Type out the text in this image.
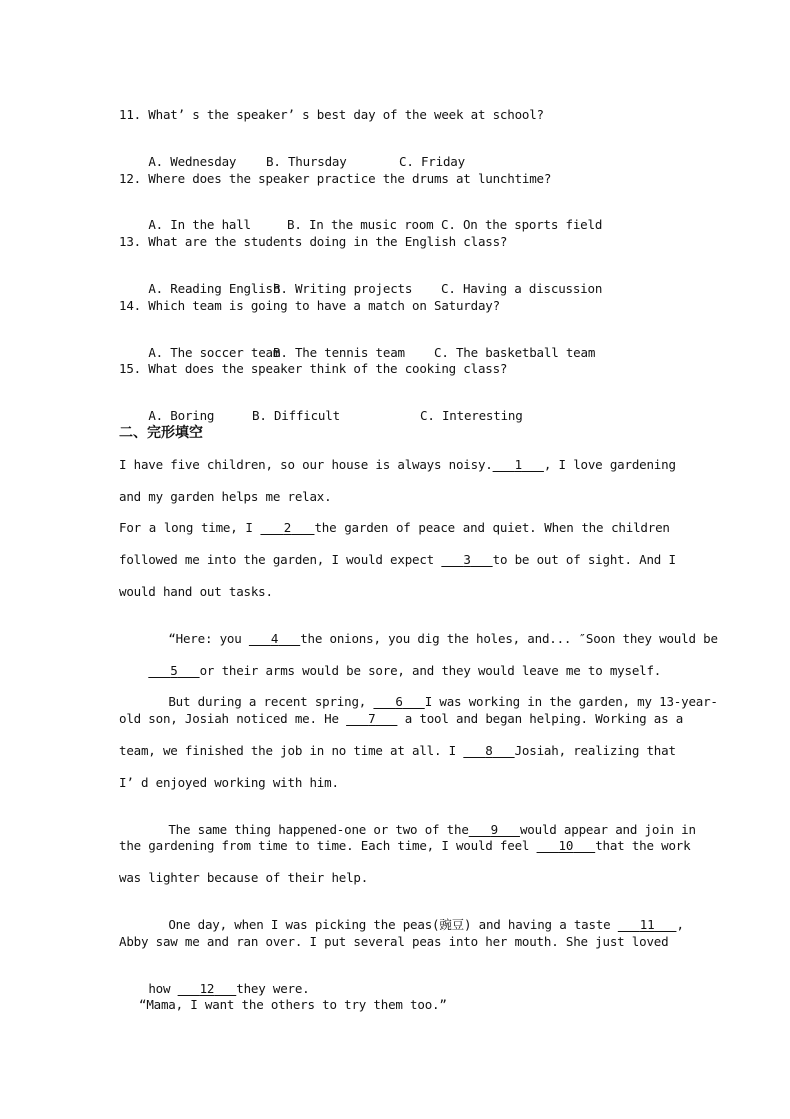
11. What’ s the speaker’ s best day of the week at school?

A. Wednesday B. Thursday	C. Friday

12. Where does the speaker practice the drums at lunchtime?

A. In the hall	B. In the music room C. On the sports field

13. What are the students doing in the English class?

A. Reading English
B. Writing projects C. Having a discussion

14. Which team is going to have a match on Saturday?

A. The soccer team
B. The tennis team C. The basketball team

15. What does the speaker think of the cooking class?

A. Boring	B. Difficult	C. Interesting

二、完形填空
I have five children, so our house is always noisy. 1 , I love gardening
and my garden helps me relax.
For a long time, I 2 the garden of peace and quiet. When the children
followed me into the garden, I would expect 3 to be out of sight. And I
would hand out tasks.

“Here: you 4 the onions, you dig the holes, and... ″Soon they would be

5 or their arms would be sore, and they would leave me to myself.

But during a recent spring, 6 I was working in the garden, my 13-year-

old son, Josiah noticed me. He 7 a tool and began helping. Working as a
team, we finished the job in no time at all. I 8 Josiah, realizing that
I’ d enjoyed working with him.

The same thing happened-one or two of the 9 would appear and join in

the gardening from time to time. Each time, I would feel 10 that the work
was lighter because of their help.

One day, when I was picking the peas(豌豆) and having a taste 11 ,

Abby saw me and ran over. I put several peas into her mouth. She just loved

how 12 they were.

“Mama, I want the others to try them too.”
